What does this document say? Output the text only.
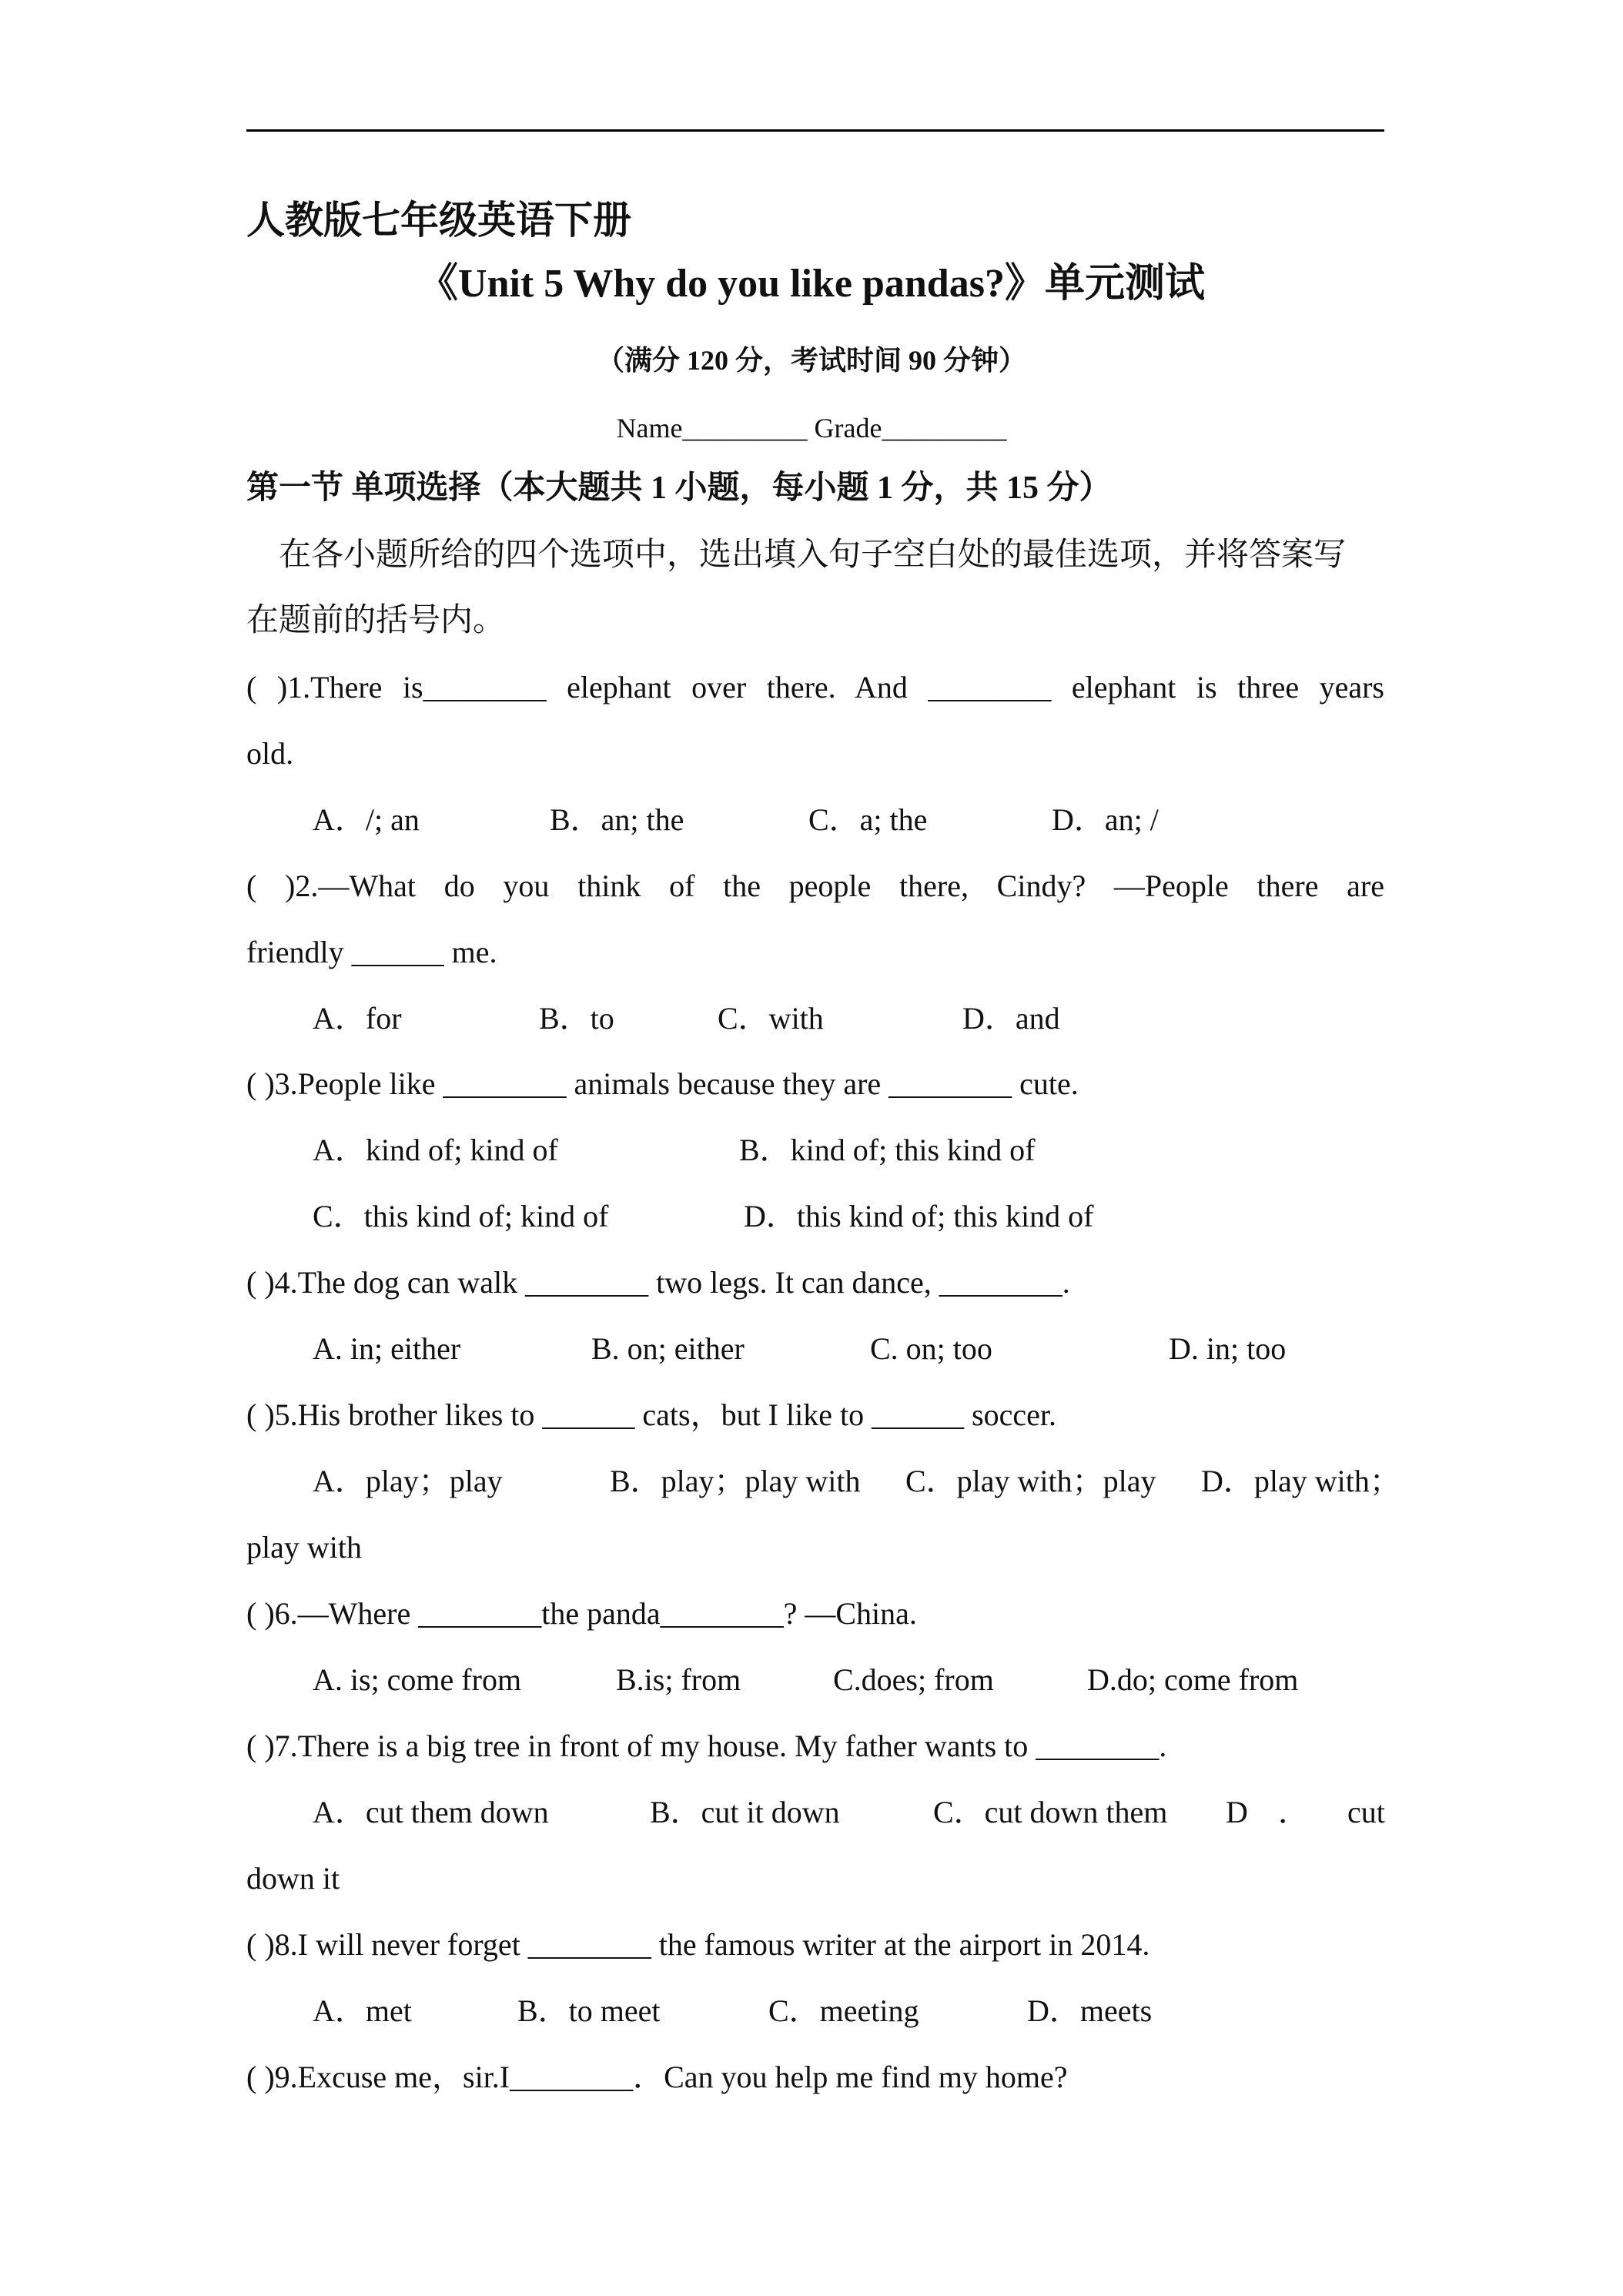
人教版七年级英语下册
《Unit 5 Why do you like pandas?》单元测试
（满分 120 分，考试时间 90 分钟）
Name_________ Grade_________
第一节 单项选择（本大题共 1 小题，每小题 1 分，共 15 分）
在各小题所给的四个选项中，选出填入句子空白处的最佳选项，并将答案写
在题前的括号内。
( )1.There is________ elephant over there. And ________ elephant is three years
old.
A．/; an	B．an; the	C．a; the	D．an; /
( )2.—What do you think of the people there, Cindy? —People there are
friendly ______ me.
A．for	B．to	C．with	D．and
( )3.People like ________ animals because they are ________ cute.
A．kind of; kind of	B．kind of; this kind of
C．this kind of; kind of	D．this kind of; this kind of
( )4.The dog can walk ________ two legs. It can dance, ________.
A. in; either	B. on; either	C. on; too	D. in; too
( )5.His brother likes to ______ cats，but I like to ______ soccer.
A．play；play	B．play；play with C．play with；play D．play with；
play with
( )6.—Where ________the panda________? —China.
A. is; come from	B.is; from	C.does; from	D.do; come from
( )7.There is a big tree in front of my house. My father wants to ________.
A．cut them down	B．cut it down	C．cut down them D ． cut
down it
( )8.I will never forget ________ the famous writer at the airport in 2014.
A．met	B．to meet	C．meeting	D．meets
( )9.Excuse me，sir.I________．Can you help me find my home?
